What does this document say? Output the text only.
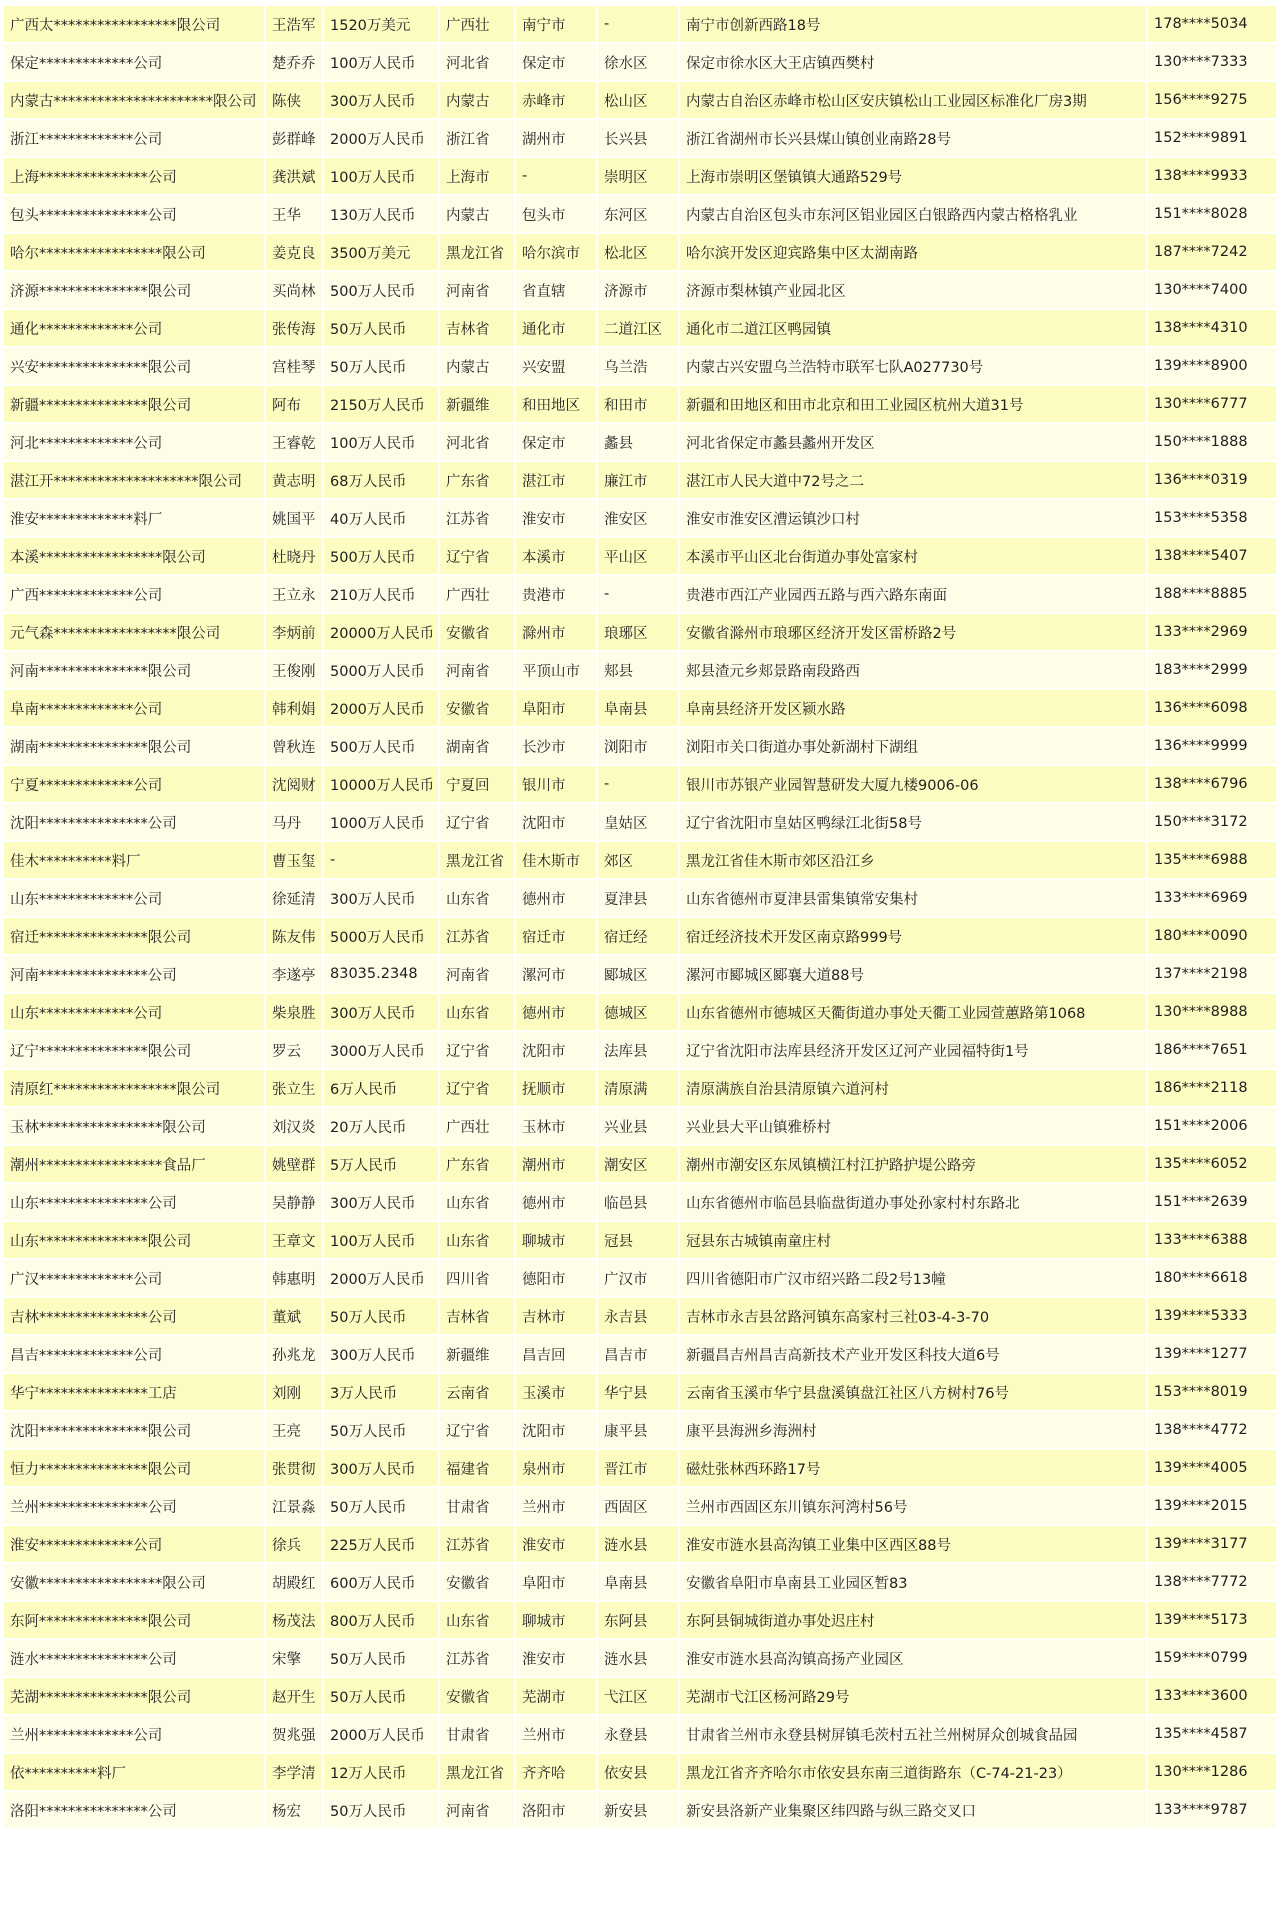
广西太*****************限公司	王浩军	1520万美元	广西壮	南宁市	-	南宁市创新西路18号	178****5034
保定*************公司	楚乔乔	100万人民币	河北省	保定市	徐水区	保定市徐水区大王店镇西樊村	130****7333
内蒙古**********************限公司	陈侠	300万人民币	内蒙古	赤峰市	松山区	内蒙古自治区赤峰市松山区安庆镇松山工业园区标准化厂房3期	156****9275
浙江*************公司	彭群峰	2000万人民币	浙江省	湖州市	长兴县	浙江省湖州市长兴县煤山镇创业南路28号	152****9891
上海***************公司	龚洪斌	100万人民币	上海市	-	崇明区	上海市崇明区堡镇镇大通路529号	138****9933
包头***************公司	王华	130万人民币	内蒙古	包头市	东河区	内蒙古自治区包头市东河区铝业园区白银路西内蒙古格格乳业	151****8028
哈尔*****************限公司	姜克良	3500万美元	黑龙江省	哈尔滨市	松北区	哈尔滨开发区迎宾路集中区太湖南路	187****7242
济源***************限公司	买尚林	500万人民币	河南省	省直辖	济源市	济源市梨林镇产业园北区	130****7400
通化*************公司	张传海	50万人民币	吉林省	通化市	二道江区	通化市二道江区鸭园镇	138****4310
兴安***************限公司	宫桂琴	50万人民币	内蒙古	兴安盟	乌兰浩	内蒙古兴安盟乌兰浩特市联军七队A027730号	139****8900
新疆***************限公司	阿布	2150万人民币	新疆维	和田地区	和田市	新疆和田地区和田市北京和田工业园区杭州大道31号	130****6777
河北*************公司	王睿乾	100万人民币	河北省	保定市	蠡县	河北省保定市蠡县蠡州开发区	150****1888
湛江开********************限公司	黄志明	68万人民币	广东省	湛江市	廉江市	湛江市人民大道中72号之二	136****0319
淮安*************料厂	姚国平	40万人民币	江苏省	淮安市	淮安区	淮安市淮安区漕运镇沙口村	153****5358
本溪*****************限公司	杜晓丹	500万人民币	辽宁省	本溪市	平山区	本溪市平山区北台街道办事处富家村	138****5407
广西*************公司	王立永	210万人民币	广西壮	贵港市	-	贵港市西江产业园西五路与西六路东南面	188****8885
元气森*****************限公司	李炳前	20000万人民币	安徽省	滁州市	琅琊区	安徽省滁州市琅琊区经济开发区雷桥路2号	133****2969
河南***************限公司	王俊刚	5000万人民币	河南省	平顶山市	郏县	郏县渣元乡郏景路南段路西	183****2999
阜南*************公司	韩利娟	2000万人民币	安徽省	阜阳市	阜南县	阜南县经济开发区颍水路	136****6098
湖南***************限公司	曾秋连	500万人民币	湖南省	长沙市	浏阳市	浏阳市关口街道办事处新湖村下湖组	136****9999
宁夏*************公司	沈阅财	10000万人民币	宁夏回	银川市	-	银川市苏银产业园智慧研发大厦九楼9006-06	138****6796
沈阳***************公司	马丹	1000万人民币	辽宁省	沈阳市	皇姑区	辽宁省沈阳市皇姑区鸭绿江北街58号	150****3172
佳木**********料厂	曹玉玺	-	黑龙江省	佳木斯市	郊区	黑龙江省佳木斯市郊区沿江乡	135****6988
山东*************公司	徐延清	300万人民币	山东省	德州市	夏津县	山东省德州市夏津县雷集镇常安集村	133****6969
宿迁***************限公司	陈友伟	5000万人民币	江苏省	宿迁市	宿迁经	宿迁经济技术开发区南京路999号	180****0090
河南***************公司	李遂亭	83035.2348	河南省	漯河市	郾城区	漯河市郾城区郾襄大道88号	137****2198
山东*************公司	柴泉胜	300万人民币	山东省	德州市	德城区	山东省德州市德城区天衢街道办事处天衢工业园萱蕙路第1068	130****8988
辽宁***************限公司	罗云	3000万人民币	辽宁省	沈阳市	法库县	辽宁省沈阳市法库县经济开发区辽河产业园福特街1号	186****7651
清原红*****************限公司	张立生	6万人民币	辽宁省	抚顺市	清原满	清原满族自治县清原镇六道河村	186****2118
玉林*****************限公司	刘汉炎	20万人民币	广西壮	玉林市	兴业县	兴业县大平山镇雅桥村	151****2006
潮州*****************食品厂	姚壁群	5万人民币	广东省	潮州市	潮安区	潮州市潮安区东凤镇横江村江护路护堤公路旁	135****6052
山东***************公司	吴静静	300万人民币	山东省	德州市	临邑县	山东省德州市临邑县临盘街道办事处孙家村村东路北	151****2639
山东***************限公司	王章文	100万人民币	山东省	聊城市	冠县	冠县东古城镇南童庄村	133****6388
广汉*************公司	韩惠明	2000万人民币	四川省	德阳市	广汉市	四川省德阳市广汉市绍兴路二段2号13幢	180****6618
吉林***************公司	董斌	50万人民币	吉林省	吉林市	永吉县	吉林市永吉县岔路河镇东高家村三社03-4-3-70	139****5333
昌吉*************公司	孙兆龙	300万人民币	新疆维	昌吉回	昌吉市	新疆昌吉州昌吉高新技术产业开发区科技大道6号	139****1277
华宁***************工店	刘刚	3万人民币	云南省	玉溪市	华宁县	云南省玉溪市华宁县盘溪镇盘江社区八方树村76号	153****8019
沈阳***************限公司	王亮	50万人民币	辽宁省	沈阳市	康平县	康平县海洲乡海洲村	138****4772
恒力***************限公司	张贯彻	300万人民币	福建省	泉州市	晋江市	磁灶张林西环路17号	139****4005
兰州***************公司	江景淼	50万人民币	甘肃省	兰州市	西固区	兰州市西固区东川镇东河湾村56号	139****2015
淮安*************公司	徐兵	225万人民币	江苏省	淮安市	涟水县	淮安市涟水县高沟镇工业集中区西区88号	139****3177
安徽*****************限公司	胡殿红	600万人民币	安徽省	阜阳市	阜南县	安徽省阜阳市阜南县工业园区暂83	138****7772
东阿***************限公司	杨茂法	800万人民币	山东省	聊城市	东阿县	东阿县铜城街道办事处迟庄村	139****5173
涟水***************公司	宋擎	50万人民币	江苏省	淮安市	涟水县	淮安市涟水县高沟镇高扬产业园区	159****0799
芜湖***************限公司	赵开生	50万人民币	安徽省	芜湖市	弋江区	芜湖市弋江区杨河路29号	133****3600
兰州*************公司	贺兆强	2000万人民币	甘肃省	兰州市	永登县	甘肃省兰州市永登县树屏镇毛茨村五社兰州树屏众创城食品园	135****4587
依**********料厂	李学清	12万人民币	黑龙江省	齐齐哈	依安县	黑龙江省齐齐哈尔市依安县东南三道街路东（C-74-21-23）	130****1286
洛阳***************公司	杨宏	50万人民币	河南省	洛阳市	新安县	新安县洛新产业集聚区纬四路与纵三路交叉口	133****9787
